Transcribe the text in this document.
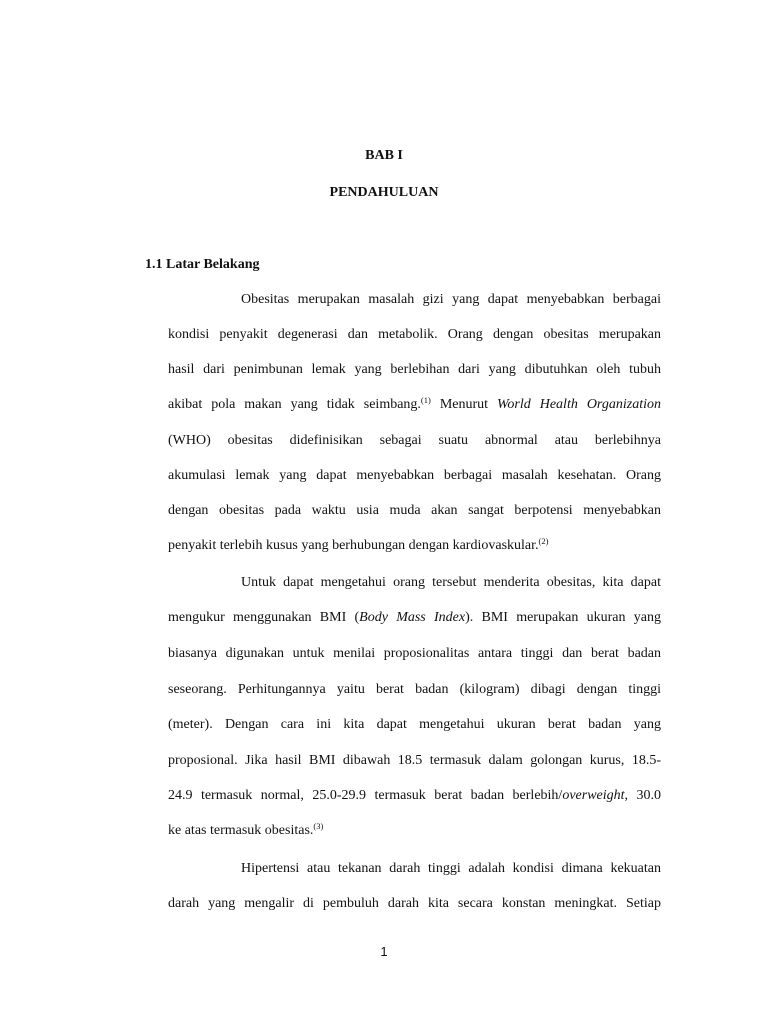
BAB I
PENDAHULUAN
1.1 Latar Belakang
Obesitas merupakan masalah gizi yang dapat menyebabkan berbagai
kondisi penyakit degenerasi dan metabolik. Orang dengan obesitas merupakan
hasil dari penimbunan lemak yang berlebihan dari yang dibutuhkan oleh tubuh
akibat pola makan yang tidak seimbang.$^{(1)}$ Menurut World Health Organization
(WHO) obesitas didefinisikan sebagai suatu abnormal atau berlebihnya
akumulasi lemak yang dapat menyebabkan berbagai masalah kesehatan. Orang
dengan obesitas pada waktu usia muda akan sangat berpotensi menyebabkan
penyakit terlebih kusus yang berhubungan dengan kardiovaskular.$^{(2)}$
Untuk dapat mengetahui orang tersebut menderita obesitas, kita dapat
mengukur menggunakan BMI (Body Mass Index). BMI merupakan ukuran yang
biasanya digunakan untuk menilai proposionalitas antara tinggi dan berat badan
seseorang. Perhitungannya yaitu berat badan (kilogram) dibagi dengan tinggi
(meter). Dengan cara ini kita dapat mengetahui ukuran berat badan yang
proposional. Jika hasil BMI dibawah 18.5 termasuk dalam golongan kurus, 18.5-
24.9 termasuk normal, 25.0-29.9 termasuk berat badan berlebih/overweight, 30.0
ke atas termasuk obesitas.$^{(3)}$
Hipertensi atau tekanan darah tinggi adalah kondisi dimana kekuatan
darah yang mengalir di pembuluh darah kita secara konstan meningkat. Setiap
1
